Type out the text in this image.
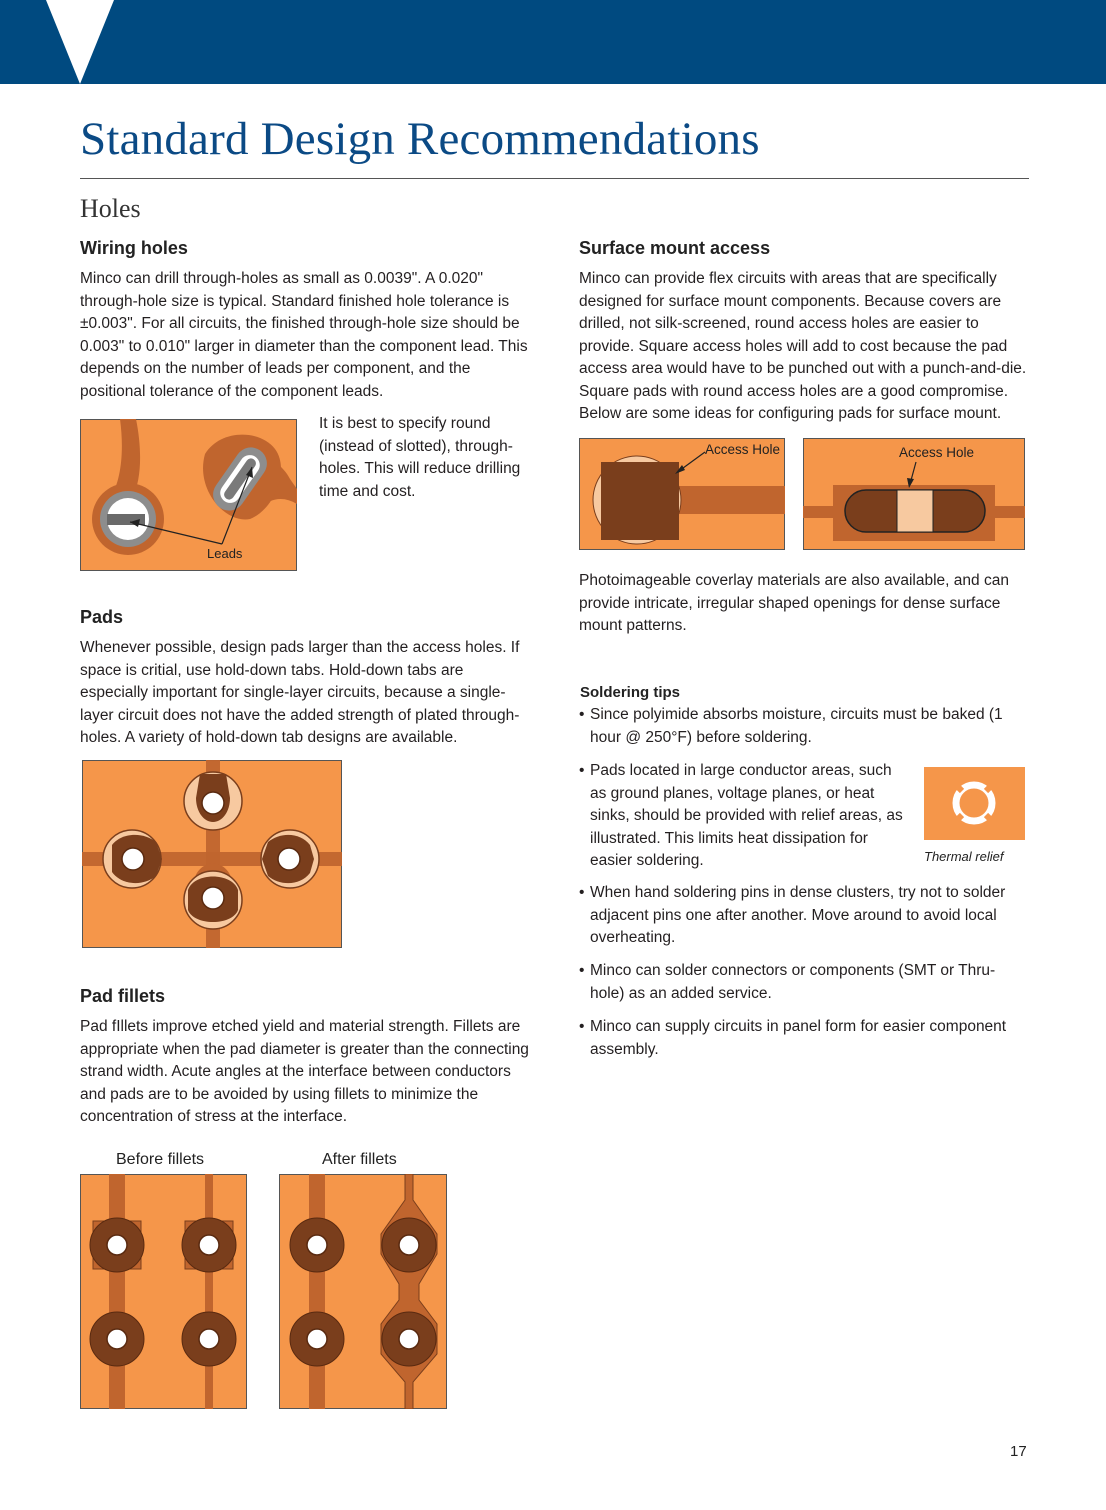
Standard Design Recommendations
Holes
Wiring holes

Minco can drill through-holes as small as 0.0039". A 0.020" through-hole size is typical. Standard finished hole tolerance is ±0.003". For all circuits, the finished through-hole size should be 0.003" to 0.010" larger in diameter than the component lead. This depends on the number of leads per component, and the positional tolerance of the component leads.

Leads

It is best to specify round (instead of slotted), through-holes. This will reduce drilling time and cost.

Pads

Whenever possible, design pads larger than the access holes. If space is critial, use hold-down tabs. Hold-down tabs are especially important for single-layer circuits, because a single-layer circuit does not have the added strength of plated through-holes. A variety of hold-down tab designs are available.

Pad fillets

Pad fIllets improve etched yield and material strength. Fillets are appropriate when the pad diameter is greater than the connecting strand width. Acute angles at the interface between conductors and pads are to be avoided by using fillets to minimize the concentration of stress at the interface.

Before fillets	After fillets
Surface mount access

Minco can provide flex circuits with areas that are specifically designed for surface mount components. Because covers are drilled, not silk-screened, round access holes are easier to provide. Square access holes will add to cost because the pad access area would have to be punched out with a punch-and-die. Square pads with round access holes are a good compromise. Below are some ideas for configuring pads for surface mount.

Access Hole	Access Hole

Photoimageable coverlay materials are also available, and can provide intricate, irregular shaped openings for dense surface mount patterns.

Soldering tips

• Since polyimide absorbs moisture, circuits must be baked (1 hour @ 250°F) before soldering.

• Pads located in large conductor areas, such as ground planes, voltage planes, or heat sinks, should be provided with relief areas, as illustrated. This limits heat dissipation for easier soldering.

• When hand soldering pins in dense clusters, try not to solder adjacent pins one after another. Move around to avoid local overheating.

• Minco can solder connectors or components (SMT or Thru-hole) as an added service.

• Minco can supply circuits in panel form for easier component assembly.

Thermal relief
17
